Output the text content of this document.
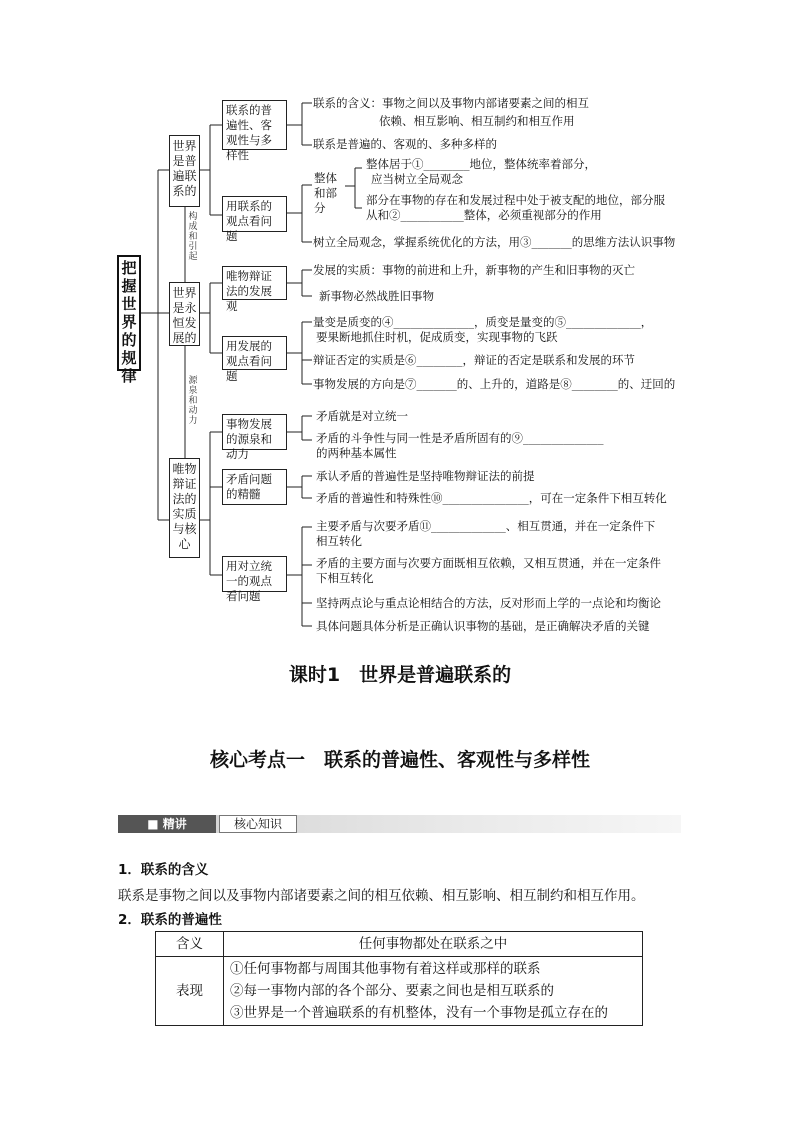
把握世界的规律
世界是普遍联系的
世界是永恒发展的
唯物辩证法的实质与核心
构成和引起
源泉和动力
联系的普遍性、客观性与多样性
用联系的观点看问题
唯物辩证法的发展观
用发展的观点看问题
事物发展的源泉和动力
矛盾问题的精髓
用对立统一的观点看问题
联系的含义：事物之间以及事物内部诸要素之间的相互
依赖、相互影响、相互制约和相互作用
联系是普遍的、客观的、多种多样的
整体和部分
整体居于①________地位，整体统率着部分，
应当树立全局观念
部分在事物的存在和发展过程中处于被支配的地位，部分服
从和②___________整体，必须重视部分的作用
树立全局观念，掌握系统优化的方法，用③_______的思维方法认识事物
发展的实质：事物的前进和上升，新事物的产生和旧事物的灭亡
新事物必然战胜旧事物
量变是质变的④______________，质变是量变的⑤_____________，
要果断地抓住时机，促成质变，实现事物的飞跃
辩证否定的实质是⑥________，辩证的否定是联系和发展的环节
事物发展的方向是⑦_______的、上升的，道路是⑧________的、迂回的
矛盾就是对立统一
矛盾的斗争性与同一性是矛盾所固有的⑨______________
的两种基本属性
承认矛盾的普遍性是坚持唯物辩证法的前提
矛盾的普遍性和特殊性⑩_______________，可在一定条件下相互转化
主要矛盾与次要矛盾⑪_____________、相互贯通，并在一定条件下
相互转化
矛盾的主要方面与次要方面既相互依赖，又相互贯通，并在一定条件
下相互转化
坚持两点论与重点论相结合的方法，反对形而上学的一点论和均衡论
具体问题具体分析是正确认识事物的基础，是正确解决矛盾的关键
课时1　世界是普遍联系的
核心考点一　联系的普遍性、客观性与多样性
■ 精讲	核心知识
1．联系的含义
联系是事物之间以及事物内部诸要素之间的相互依赖、相互影响、相互制约和相互作用。
2．联系的普遍性
含义	任何事物都处在联系之中
表现	①任何事物都与周围其他事物有着这样或那样的联系
②每一事物内部的各个部分、要素之间也是相互联系的
③世界是一个普遍联系的有机整体，没有一个事物是孤立存在的
